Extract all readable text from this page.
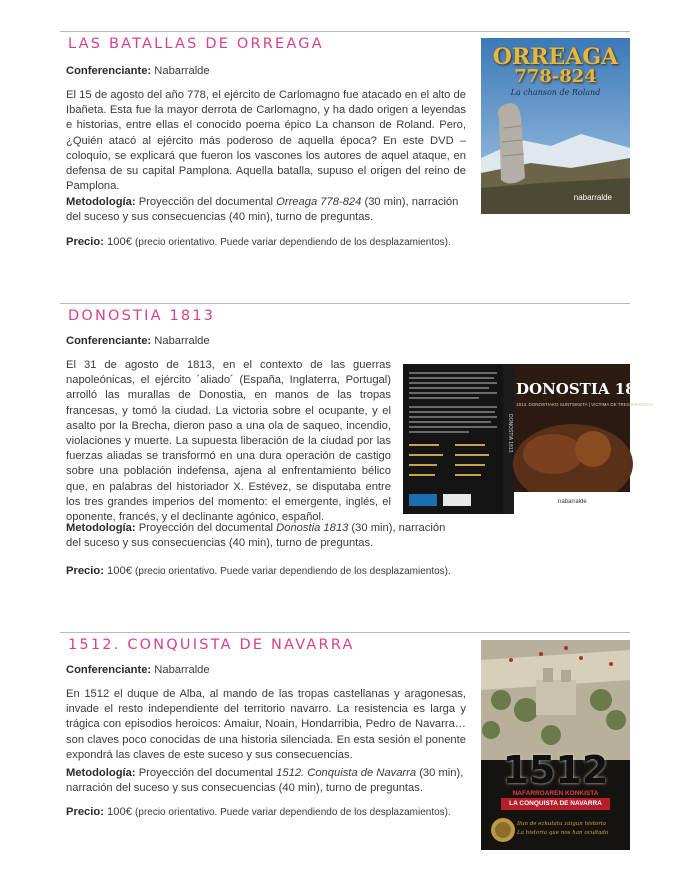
LAS BATALLAS DE ORREAGA

Conferenciante: Nabarralde

El 15 de agosto del año 778, el ejército de Carlomagno fue atacado en el alto de Ibañeta. Esta fue la mayor derrota de Carlomagno, y ha dado origen a leyendas e historias, entre ellas el conocido poema épico La chanson de Roland. Pero, ¿Quién atacó al ejército más poderoso de aquella época? En este DVD – coloquio, se explicará que fueron los vascones los autores de aquel ataque, en defensa de su capital Pamplona. Aquella batalla, supuso el origen del reino de Pamplona.

Metodología: Proyección del documental Orreaga 778-824 (30 min), narración del suceso y sus consecuencias (40 min), turno de preguntas.

Precio: 100€ (precio orientativo. Puede variar dependiendo de los desplazamientos).

ORREAGA
778-824
La chanson de Roland
nabarralde
DONOSTIA 1813

Conferenciante: Nabarralde

El 31 de agosto de 1813, en el contexto de las guerras napoleónicas, el ejército ´aliado´ (España, Inglaterra, Portugal) arrolló las murallas de Donostia, en manos de las tropas francesas, y tomó la ciudad. La victoria sobre el ocupante, y el asalto por la Brecha, dieron paso a una ola de saqueo, incendio, violaciones y muerte. La supuesta liberación de la ciudad por las fuerzas aliadas se transformó en una dura operación de castigo sobre una población indefensa, ajena al enfrentamiento bélico que, en palabras del historiador X. Estévez, se disputaba entre los tres grandes imperios del momento: el emergente, inglés, el oponente, francés, y el declinante agónico, español.

Metodología: Proyección del documental Donostia 1813 (30 min), narración del suceso y sus consecuencias (40 min), turno de preguntas.

Precio: 100€ (precio orientativo. Puede variar dependiendo de los desplazamientos).

DONOSTIA 1813
1813. DONOSTIAKO SUNTSIKETA | VICTIMA DE TRES IMPERIOS
DONOSTIA 1813
nabarralde
1512. CONQUISTA DE NAVARRA

Conferenciante: Nabarralde

En 1512 el duque de Alba, al mando de las tropas castellanas y aragonesas, invade el resto independiente del territorio navarro. La resistencia es larga y trágica con episodios heroicos: Amaiur, Noain, Hondarribia, Pedro de Navarra… son claves poco conocidas de una historia silenciada. En esta sesión el ponente expondrá las claves de este suceso y sus consecuencias.

Metodología: Proyección del documental 1512. Conquista de Navarra (30 min), narración del suceso y sus consecuencias (40 min), turno de preguntas.

Precio: 100€ (precio orientativo. Puede variar dependiendo de los desplazamientos).

1512
NAFARROAREN KONKISTA
LA CONQUISTA DE NAVARRA
Ilun de ezkutatu zaigun historia
La historia que nos han ocultado
